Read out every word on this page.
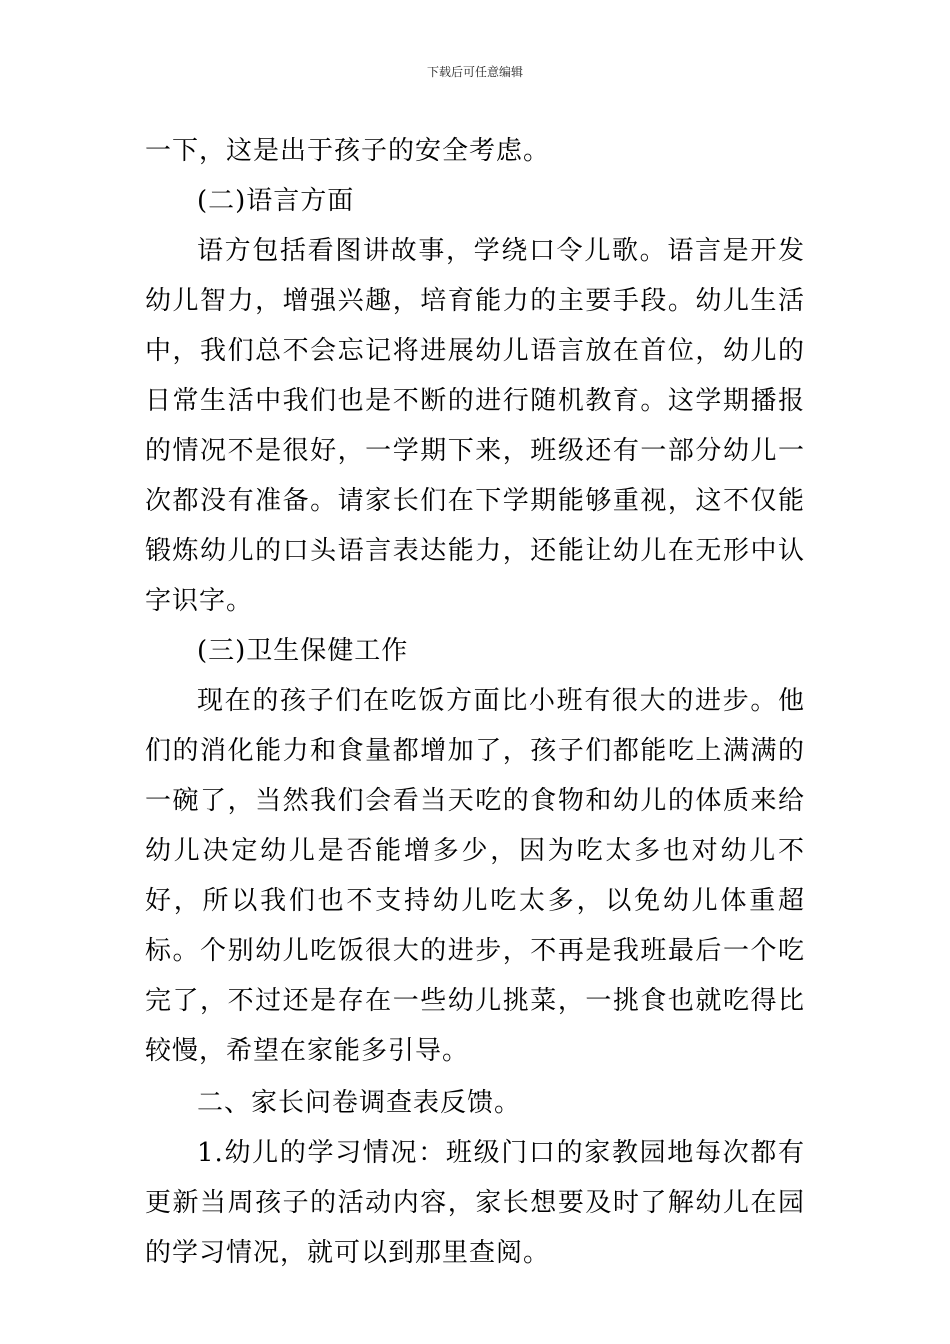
下载后可任意编辑

一下，这是出于孩子的安全考虑。

(二)语言方面

语方包括看图讲故事，学绕口令儿歌。语言是开发幼儿智力，增强兴趣，培育能力的主要手段。幼儿生活中，我们总不会忘记将进展幼儿语言放在首位，幼儿的日常生活中我们也是不断的进行随机教育。这学期播报的情况不是很好，一学期下来，班级还有一部分幼儿一次都没有准备。请家长们在下学期能够重视，这不仅能锻炼幼儿的口头语言表达能力，还能让幼儿在无形中认字识字。

(三)卫生保健工作

现在的孩子们在吃饭方面比小班有很大的进步。他们的消化能力和食量都增加了，孩子们都能吃上满满的一碗了，当然我们会看当天吃的食物和幼儿的体质来给幼儿决定幼儿是否能增多少，因为吃太多也对幼儿不好，所以我们也不支持幼儿吃太多，以免幼儿体重超标。个别幼儿吃饭很大的进步，不再是我班最后一个吃完了，不过还是存在一些幼儿挑菜，一挑食也就吃得比较慢，希望在家能多引导。

二、家长问卷调查表反馈。

1.幼儿的学习情况：班级门口的家教园地每次都有更新当周孩子的活动内容，家长想要及时了解幼儿在园的学习情况，就可以到那里查阅。
